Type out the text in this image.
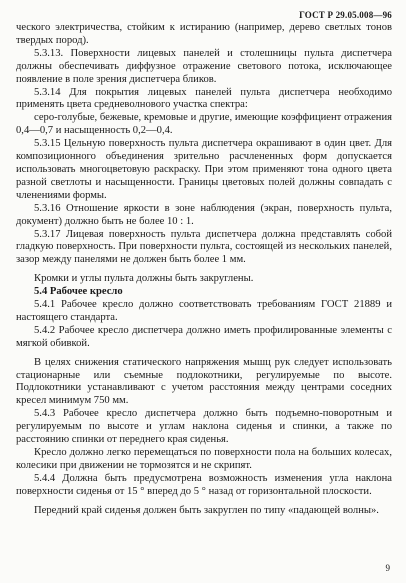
ГОСТ Р 29.05.008—96

ческого электричества, стойким к истиранию (например, дерево светлых тонов твердых пород).

5.3.13. Поверхности лицевых панелей и столешницы пульта диспетчера должны обеспечивать диффузное отражение светового потока, исключающее появление в поле зрения диспетчера бликов.

5.3.14 Для покрытия лицевых панелей пульта диспетчера необходимо применять цвета средневолнового участка спектра:

серо-голубые, бежевые, кремовые и другие, имеющие коэффициент отражения 0,4—0,7 и насыщенность 0,2—0,4.

5.3.15 Цельную поверхность пульта диспетчера окрашивают в один цвет. Для композиционного объединения зрительно расчлененных форм допускается использовать многоцветовую раскраску. При этом применяют тона одного цвета разной светлоты и насыщенности. Границы цветовых полей должны совпадать с членениями формы.

5.3.16 Отношение яркости в зоне наблюдения (экран, поверхность пульта, документ) должно быть не более 10 : 1.

5.3.17 Лицевая поверхность пульта диспетчера должна представлять собой гладкую поверхность. При поверхности пульта, состоящей из нескольких панелей, зазор между панелями не должен быть более 1 мм.

Кромки и углы пульта должны быть закруглены.

5.4 Рабочее кресло

5.4.1 Рабочее кресло должно соответствовать требованиям ГОСТ 21889 и настоящего стандарта.

5.4.2 Рабочее кресло диспетчера должно иметь профилированные элементы с мягкой обивкой.

В целях снижения статического напряжения мышц рук следует использовать стационарные или съемные подлокотники, регулируемые по высоте. Подлокотники устанавливают с учетом расстояния между центрами соседних кресел минимум 750 мм.

5.4.3 Рабочее кресло диспетчера должно быть подъемно-поворотным и регулируемым по высоте и углам наклона сиденья и спинки, а также по расстоянию спинки от переднего края сиденья.

Кресло должно легко перемещаться по поверхности пола на больших колесах, колесики при движении не тормозятся и не скрипят.

5.4.4 Должна быть предусмотрена возможность изменения угла наклона поверхности сиденья от 15 ° вперед до 5 ° назад от горизонтальной плоскости.

Передний край сиденья должен быть закруглен по типу «падающей волны».

9
